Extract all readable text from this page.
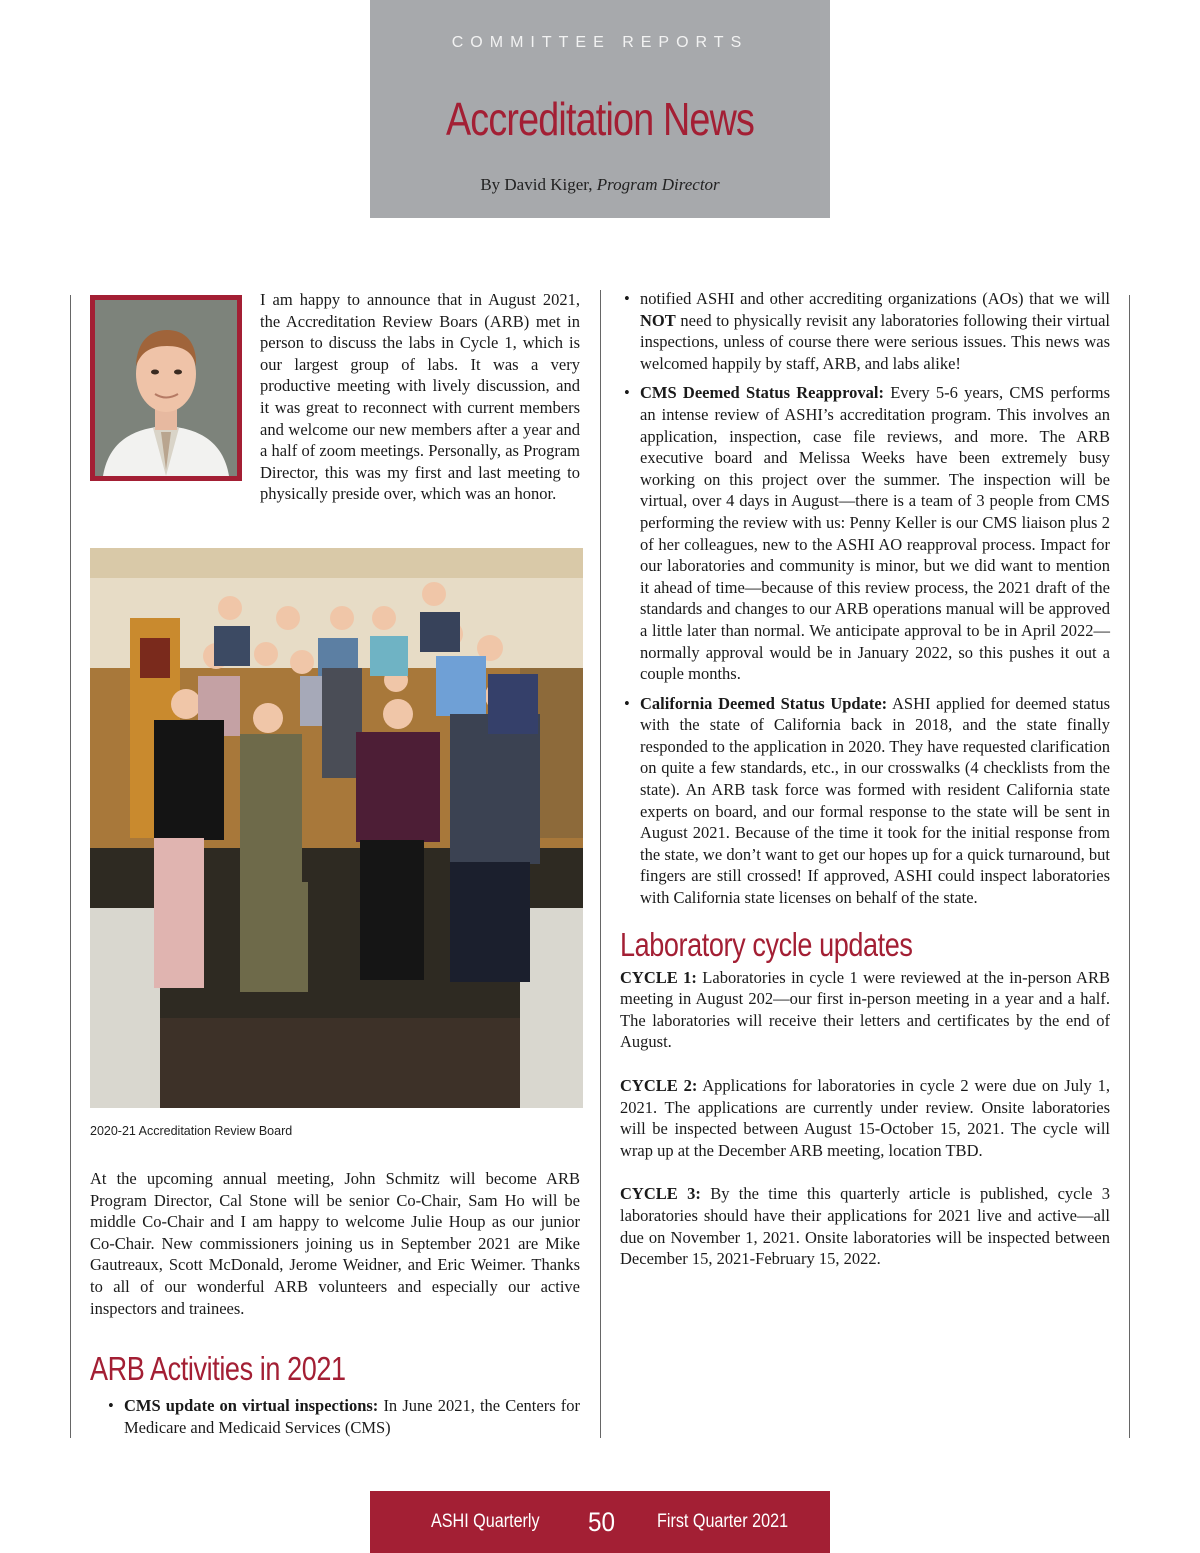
COMMITTEE REPORTS
Accreditation News
By David Kiger, Program Director

I am happy to announce that in August 2021, the Accreditation Review Boars (ARB) met in person to discuss the labs in Cycle 1, which is our largest group of labs. It was a very productive meeting with lively discussion, and it was great to reconnect with current members and welcome our new members after a year and a half of zoom meetings. Personally, as Program Director, this was my first and last meeting to physically preside over, which was an honor.

2020-21 Accreditation Review Board

At the upcoming annual meeting, John Schmitz will become ARB Program Director, Cal Stone will be senior Co-Chair, Sam Ho will be middle Co-Chair and I am happy to welcome Julie Houp as our junior Co-Chair. New commissioners joining us in September 2021 are Mike Gautreaux, Scott McDonald, Jerome Weidner, and Eric Weimer. Thanks to all of our wonderful ARB volunteers and especially our active inspectors and trainees.

ARB Activities in 2021
• CMS update on virtual inspections: In June 2021, the Centers for Medicare and Medicaid Services (CMS)
• notified ASHI and other accrediting organizations (AOs) that we will NOT need to physically revisit any laboratories following their virtual inspections, unless of course there were serious issues. This news was welcomed happily by staff, ARB, and labs alike!
• CMS Deemed Status Reapproval: Every 5-6 years, CMS performs an intense review of ASHI’s accreditation program. This involves an application, inspection, case file reviews, and more. The ARB executive board and Melissa Weeks have been extremely busy working on this project over the summer. The inspection will be virtual, over 4 days in August—there is a team of 3 people from CMS performing the review with us: Penny Keller is our CMS liaison plus 2 of her colleagues, new to the ASHI AO reapproval process. Impact for our laboratories and community is minor, but we did want to mention it ahead of time—because of this review process, the 2021 draft of the standards and changes to our ARB operations manual will be approved a little later than normal. We anticipate approval to be in April 2022—normally approval would be in January 2022, so this pushes it out a couple months.
• California Deemed Status Update: ASHI applied for deemed status with the state of California back in 2018, and the state finally responded to the application in 2020. They have requested clarification on quite a few standards, etc., in our crosswalks (4 checklists from the state). An ARB task force was formed with resident California state experts on board, and our formal response to the state will be sent in August 2021. Because of the time it took for the initial response from the state, we don’t want to get our hopes up for a quick turnaround, but fingers are still crossed! If approved, ASHI could inspect laboratories with California state licenses on behalf of the state.
Laboratory cycle updates

CYCLE 1: Laboratories in cycle 1 were reviewed at the in-person ARB meeting in August 202—our first in-person meeting in a year and a half. The laboratories will receive their letters and certificates by the end of August.

CYCLE 2: Applications for laboratories in cycle 2 were due on July 1, 2021. The applications are currently under review. Onsite laboratories will be inspected between August 15-October 15, 2021. The cycle will wrap up at the December ARB meeting, location TBD.

CYCLE 3: By the time this quarterly article is published, cycle 3 laboratories should have their applications for 2021 live and active—all due on November 1, 2021. Onsite laboratories will be inspected between December 15, 2021-February 15, 2022.

ASHI Quarterly 50 First Quarter 2021
